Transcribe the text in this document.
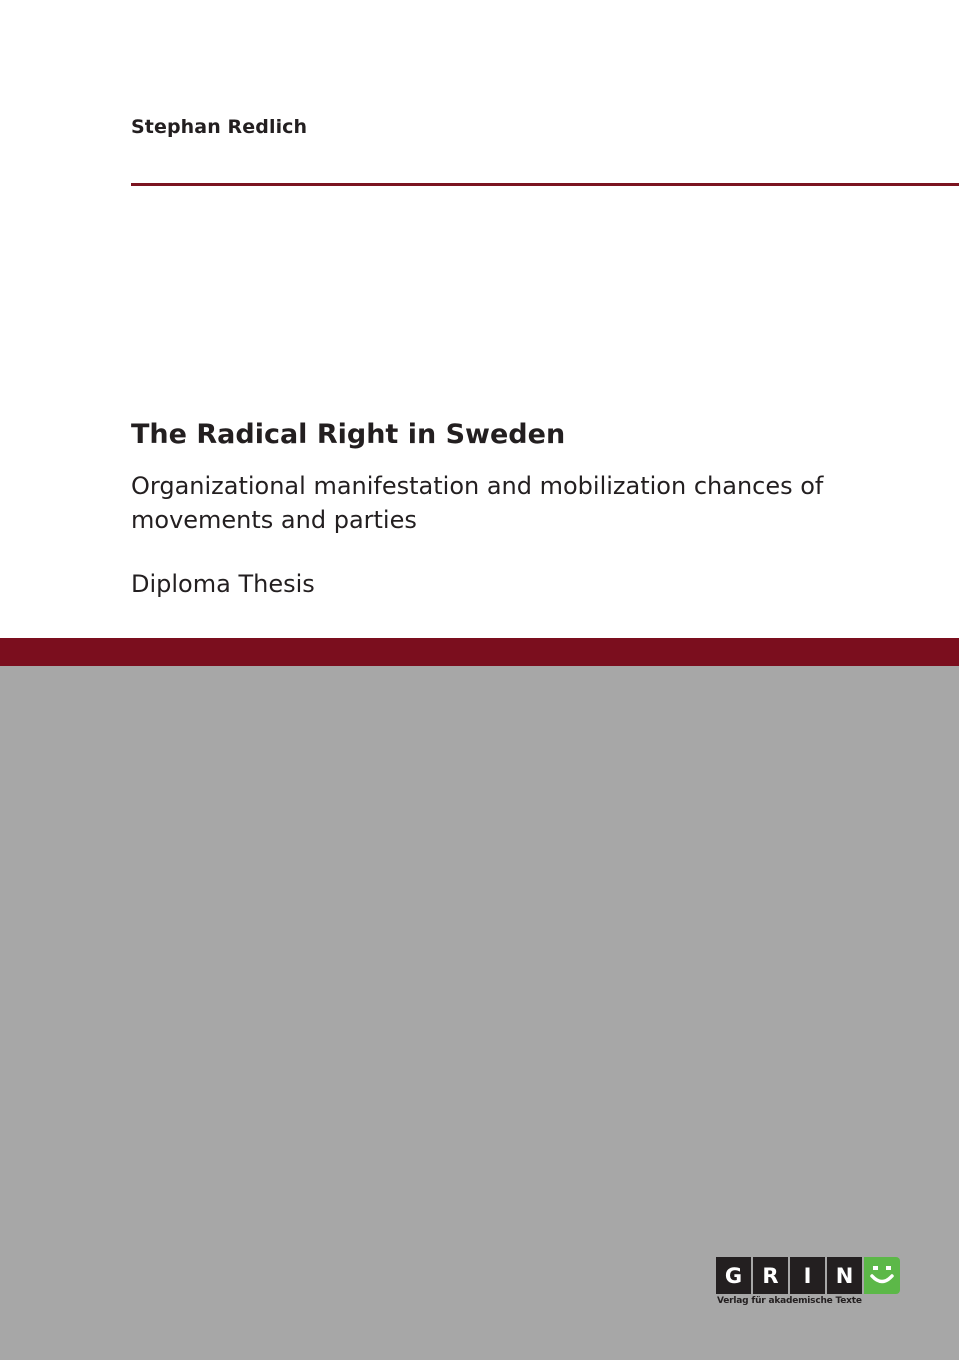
Stephan Redlich
The Radical Right in Sweden
Organizational manifestation and mobilization chances of movements and parties
Diploma Thesis
G R	I	N
Verlag für akademische Texte
